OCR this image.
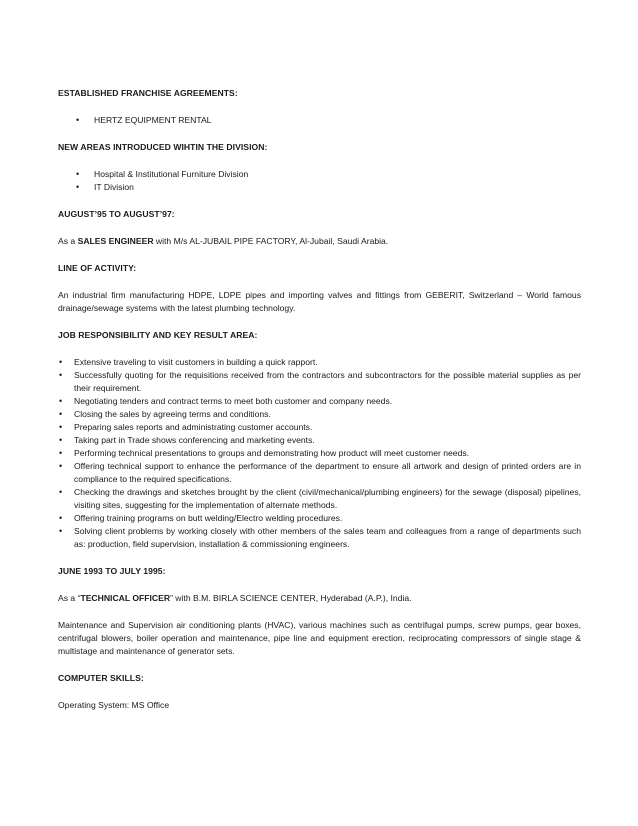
ESTABLISHED FRANCHISE AGREEMENTS:

• HERTZ EQUIPMENT RENTAL

NEW AREAS INTRODUCED WIHTIN THE DIVISION:

• Hospital & Institutional Furniture Division
• IT Division

AUGUST’95 TO AUGUST’97:

As a SALES ENGINEER with M/s AL-JUBAIL PIPE FACTORY, Al-Jubail, Saudi Arabia.

LINE OF ACTIVITY:

An industrial firm manufacturing HDPE, LDPE pipes and importing valves and fittings from GEBERIT, Switzerland – World famous drainage/sewage systems with the latest plumbing technology.

JOB RESPONSIBILITY AND KEY RESULT AREA:

• Extensive traveling to visit customers in building a quick rapport.
• Successfully quoting for the requisitions received from the contractors and subcontractors for the possible material supplies as per their requirement.
• Negotiating tenders and contract terms to meet both customer and company needs.
• Closing the sales by agreeing terms and conditions.
• Preparing sales reports and administrating customer accounts.
• Taking part in Trade shows conferencing and marketing events.
• Performing technical presentations to groups and demonstrating how product will meet customer needs.
• Offering technical support to enhance the performance of the department to ensure all artwork and design of printed orders are in compliance to the required specifications.
• Checking the drawings and sketches brought by the client (civil/mechanical/plumbing engineers) for the sewage (disposal) pipelines, visiting sites, suggesting for the implementation of alternate methods.
• Offering training programs on butt welding/Electro welding procedures.
• Solving client problems by working closely with other members of the sales team and colleagues from a range of departments such as: production, field supervision, installation & commissioning engineers.

JUNE 1993 TO JULY 1995:

As a “TECHNICAL OFFICER” with B.M. BIRLA SCIENCE CENTER, Hyderabad (A.P.), India.

Maintenance and Supervision air conditioning plants (HVAC), various machines such as centrifugal pumps, screw pumps, gear boxes, centrifugal blowers, boiler operation and maintenance, pipe line and equipment erection, reciprocating compressors of single stage & multistage and maintenance of generator sets.

COMPUTER SKILLS:

Operating System: MS Office
